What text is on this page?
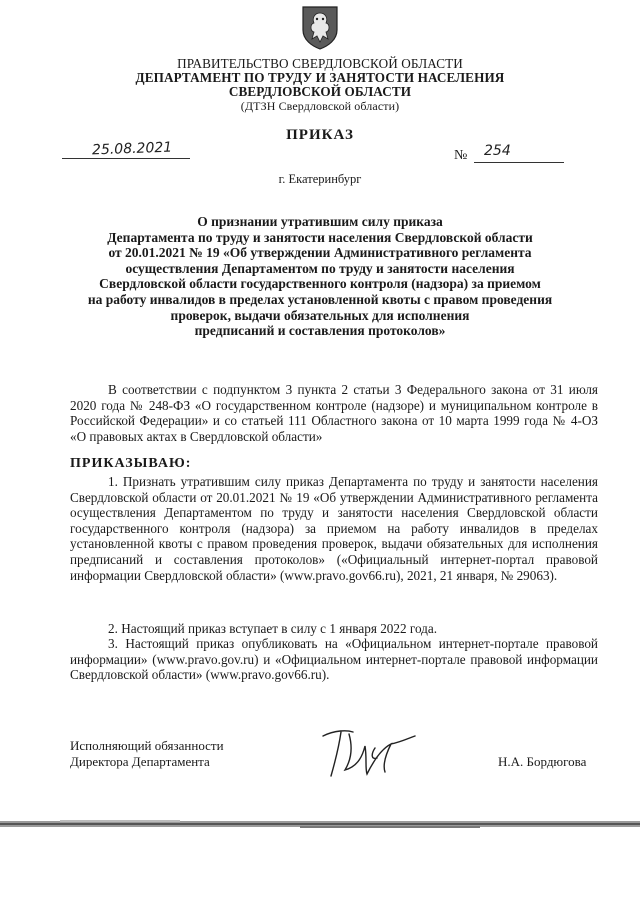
ПРАВИТЕЛЬСТВО СВЕРДЛОВСКОЙ ОБЛАСТИ
ДЕПАРТАМЕНТ ПО ТРУДУ И ЗАНЯТОСТИ НАСЕЛЕНИЯ
СВЕРДЛОВСКОЙ ОБЛАСТИ
(ДТЗН Свердловской области)
ПРИКАЗ
25.08.2021	№ 254
г. Екатеринбург
О признании утратившим силу приказа
Департамента по труду и занятости населения Свердловской области
от 20.01.2021 № 19 «Об утверждении Административного регламента
осуществления Департаментом по труду и занятости населения
Свердловской области государственного контроля (надзора) за приемом
на работу инвалидов в пределах установленной квоты с правом проведения
проверок, выдачи обязательных для исполнения
предписаний и составления протоколов»
В соответствии с подпунктом 3 пункта 2 статьи 3 Федерального закона от 31 июля 2020 года № 248-ФЗ «О государственном контроле (надзоре) и муниципальном контроле в Российской Федерации» и со статьей 111 Областного закона от 10 марта 1999 года № 4-ОЗ «О правовых актах в Свердловской области»
ПРИКАЗЫВАЮ:
1. Признать утратившим силу приказ Департамента по труду и занятости населения Свердловской области от 20.01.2021 № 19 «Об утверждении Административного регламента осуществления Департаментом по труду и занятости населения Свердловской области государственного контроля (надзора) за приемом на работу инвалидов в пределах установленной квоты с правом проведения проверок, выдачи обязательных для исполнения предписаний и составления протоколов» («Официальный интернет-портал правовой информации Свердловской области» (www.pravo.gov66.ru), 2021, 21 января, № 29063).
2. Настоящий приказ вступает в силу с 1 января 2022 года.
3. Настоящий приказ опубликовать на «Официальном интернет-портале правовой информации» (www.pravo.gov.ru) и «Официальном интернет-портале правовой информации Свердловской области» (www.pravo.gov66.ru).
Исполняющий обязанности
Директора Департамента	Н.А. Бордюгова
